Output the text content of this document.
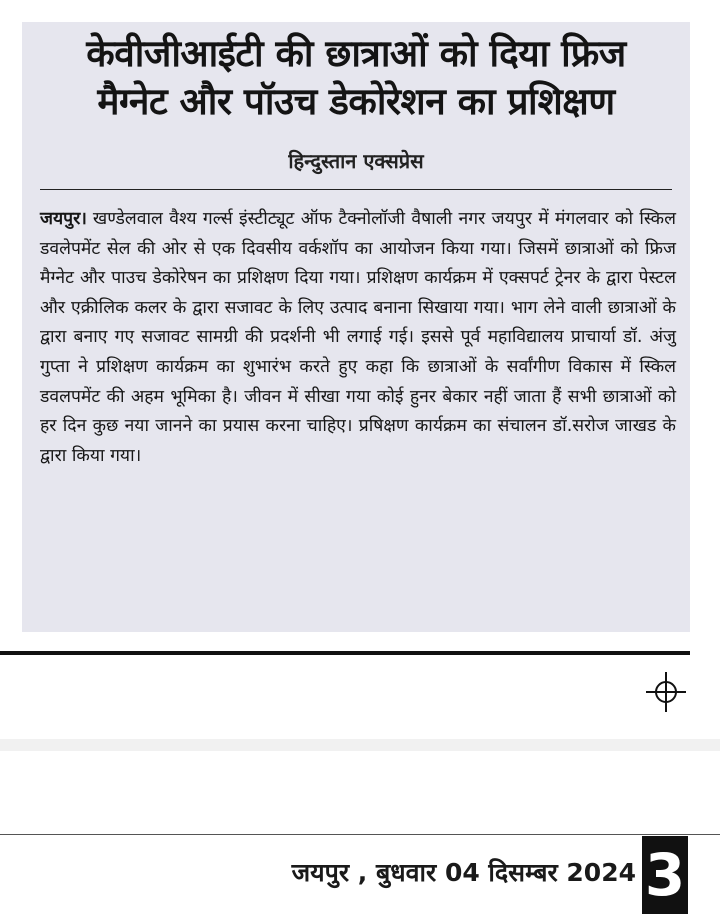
केवीजीआईटी की छात्राओं को दिया फ्रिज
मैग्नेट और पॉउच डेकोरेशन का प्रशिक्षण
हिन्दुस्तान एक्सप्रेस

जयपुर। खण्डेलवाल वैश्य गर्ल्स इंस्टीट्यूट ऑफ टैक्नोलॉजी वैषाली नगर जयपुर में मंगलवार को स्किल डवलेपमेंट सेल की ओर से एक दिवसीय वर्कशॉप का आयोजन किया गया। जिसमें छात्राओं को फ्रिज मैग्नेट और पाउच डेकोरेषन का प्रशिक्षण दिया गया। प्रशिक्षण कार्यक्रम में एक्सपर्ट ट्रेनर के द्वारा पेस्टल और एक्रीलिक कलर के द्वारा सजावट के लिए उत्पाद बनाना सिखाया गया। भाग लेने वाली छात्राओं के द्वारा बनाए गए सजावट सामग्री की प्रदर्शनी भी लगाई गई। इससे पूर्व महाविद्यालय प्राचार्या डॉ. अंजु गुप्ता ने प्रशिक्षण कार्यक्रम का शुभारंभ करते हुए कहा कि छात्राओं के सर्वांगीण विकास में स्किल डवलपमेंट की अहम भूमिका है। जीवन में सीखा गया कोई हुनर बेकार नहीं जाता हैं सभी छात्राओं को हर दिन कुछ नया जानने का प्रयास करना चाहिए। प्रषिक्षण कार्यक्रम का संचालन डॉ.सरोज जाखड के द्वारा किया गया।

जयपुर , बुधवार 04 दिसम्बर 2024 3
